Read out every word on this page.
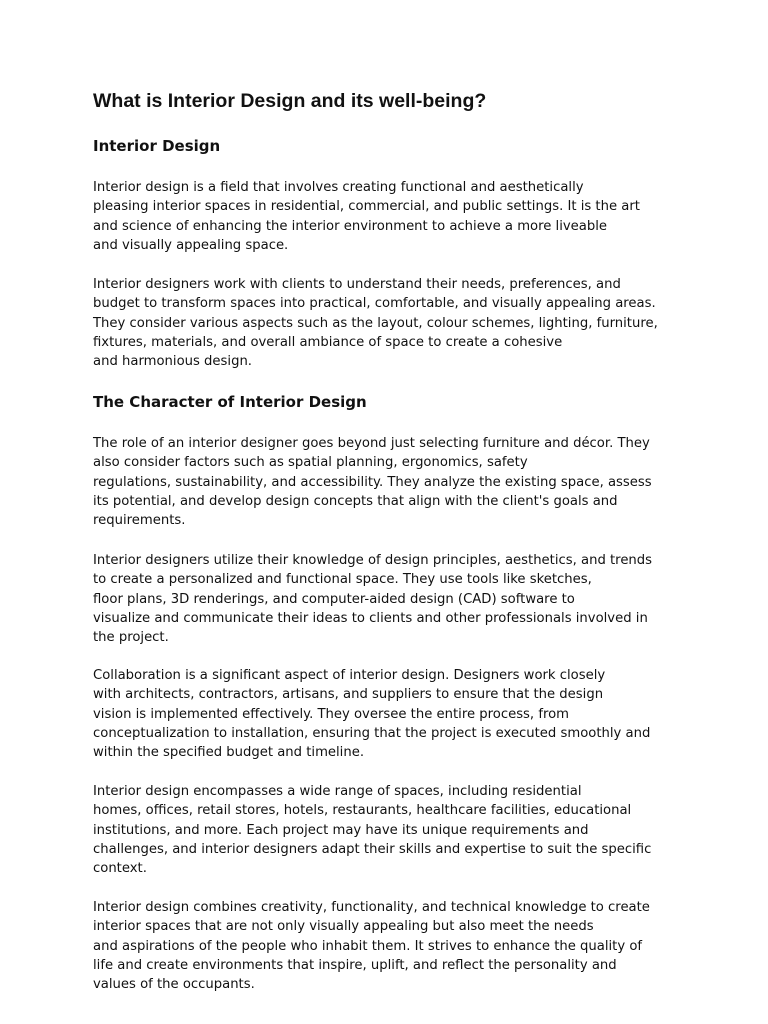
What is Interior Design and its well-being?
Interior Design

Interior design is a field that involves creating functional and aesthetically
pleasing interior spaces in residential, commercial, and public settings. It is the art
and science of enhancing the interior environment to achieve a more liveable
and visually appealing space.

Interior designers work with clients to understand their needs, preferences, and
budget to transform spaces into practical, comfortable, and visually appealing areas.
They consider various aspects such as the layout, colour schemes, lighting, furniture,
fixtures, materials, and overall ambiance of space to create a cohesive
and harmonious design.

The Character of Interior Design

The role of an interior designer goes beyond just selecting furniture and décor. They
also consider factors such as spatial planning, ergonomics, safety
regulations, sustainability, and accessibility. They analyze the existing space, assess
its potential, and develop design concepts that align with the client's goals and
requirements.

Interior designers utilize their knowledge of design principles, aesthetics, and trends
to create a personalized and functional space. They use tools like sketches,
floor plans, 3D renderings, and computer-aided design (CAD) software to
visualize and communicate their ideas to clients and other professionals involved in
the project.

Collaboration is a significant aspect of interior design. Designers work closely
with architects, contractors, artisans, and suppliers to ensure that the design
vision is implemented effectively. They oversee the entire process, from
conceptualization to installation, ensuring that the project is executed smoothly and
within the specified budget and timeline.

Interior design encompasses a wide range of spaces, including residential
homes, offices, retail stores, hotels, restaurants, healthcare facilities, educational
institutions, and more. Each project may have its unique requirements and
challenges, and interior designers adapt their skills and expertise to suit the specific
context.

Interior design combines creativity, functionality, and technical knowledge to create
interior spaces that are not only visually appealing but also meet the needs
and aspirations of the people who inhabit them. It strives to enhance the quality of
life and create environments that inspire, uplift, and reflect the personality and
values of the occupants.
